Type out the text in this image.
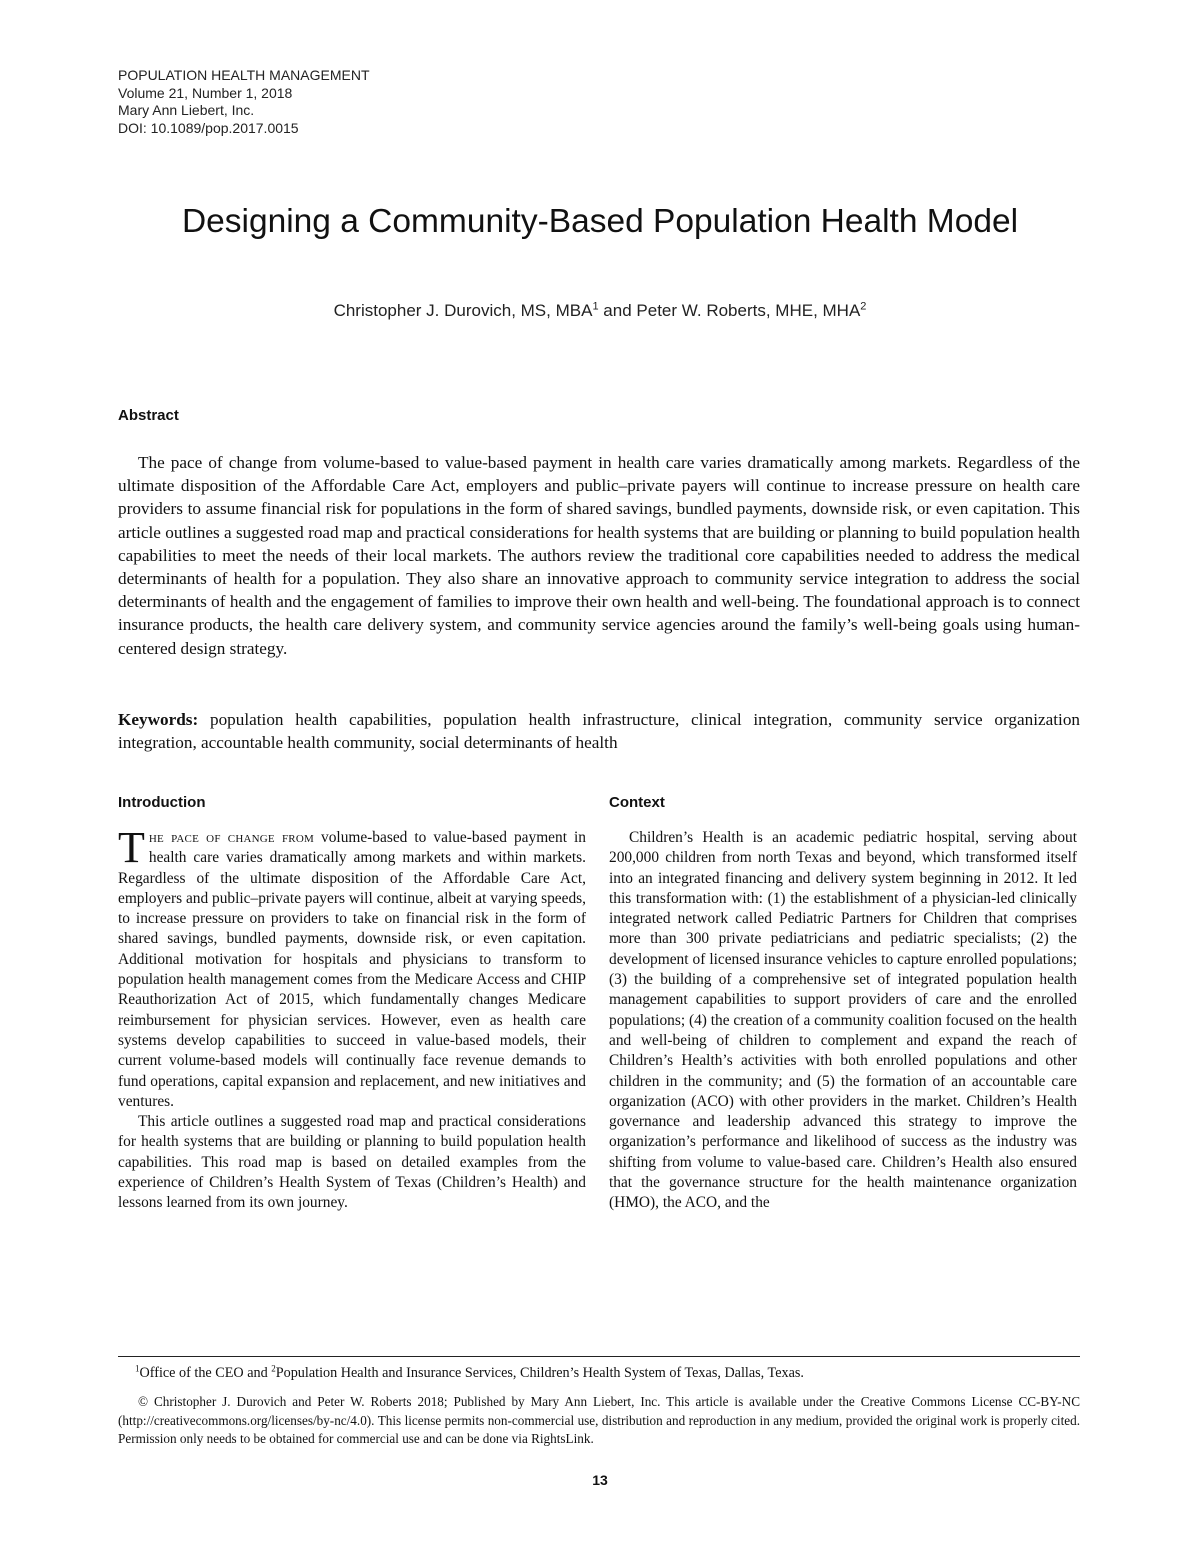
POPULATION HEALTH MANAGEMENT
Volume 21, Number 1, 2018
Mary Ann Liebert, Inc.
DOI: 10.1089/pop.2017.0015
Designing a Community-Based Population Health Model
Christopher J. Durovich, MS, MBA$^1$ and Peter W. Roberts, MHE, MHA$^2$
Abstract

The pace of change from volume-based to value-based payment in health care varies dramatically among markets. Regardless of the ultimate disposition of the Affordable Care Act, employers and public–private payers will continue to increase pressure on health care providers to assume financial risk for populations in the form of shared savings, bundled payments, downside risk, or even capitation. This article outlines a suggested road map and practical considerations for health systems that are building or planning to build population health capabilities to meet the needs of their local markets. The authors review the traditional core capabilities needed to address the medical determinants of health for a population. They also share an innovative approach to community service integration to address the social determinants of health and the engagement of families to improve their own health and well-being. The foundational approach is to connect insurance products, the health care delivery system, and community service agencies around the family’s well-being goals using human-centered design strategy.

Keywords: population health capabilities, population health infrastructure, clinical integration, community service organization integration, accountable health community, social determinants of health

Introduction

The pace of change from volume-based to value-based payment in health care varies dramatically among markets and within markets. Regardless of the ultimate disposition of the Affordable Care Act, employers and public–private payers will continue, albeit at varying speeds, to increase pressure on providers to take on financial risk in the form of shared savings, bundled payments, downside risk, or even capitation. Additional motivation for hospitals and physicians to transform to population health management comes from the Medicare Access and CHIP Reauthorization Act of 2015, which fundamentally changes Medicare reimbursement for physician services. However, even as health care systems develop capabilities to succeed in value-based models, their current volume-based models will continually face revenue demands to fund operations, capital expansion and replacement, and new initiatives and ventures.

This article outlines a suggested road map and practical considerations for health systems that are building or planning to build population health capabilities. This road map is based on detailed examples from the experience of Children’s Health System of Texas (Children’s Health) and lessons learned from its own journey.

Context

Children’s Health is an academic pediatric hospital, serving about 200,000 children from north Texas and beyond, which transformed itself into an integrated financing and delivery system beginning in 2012. It led this transformation with: (1) the establishment of a physician-led clinically integrated network called Pediatric Partners for Children that comprises more than 300 private pediatricians and pediatric specialists; (2) the development of licensed insurance vehicles to capture enrolled populations; (3) the building of a comprehensive set of integrated population health management capabilities to support providers of care and the enrolled populations; (4) the creation of a community coalition focused on the health and well-being of children to complement and expand the reach of Children’s Health’s activities with both enrolled populations and other children in the community; and (5) the formation of an accountable care organization (ACO) with other providers in the market. Children’s Health governance and leadership advanced this strategy to improve the organization’s performance and likelihood of success as the industry was shifting from volume to value-based care. Children’s Health also ensured that the governance structure for the health maintenance organization (HMO), the ACO, and the

$^1$Office of the CEO and $^2$Population Health and Insurance Services, Children’s Health System of Texas, Dallas, Texas.

© Christopher J. Durovich and Peter W. Roberts 2018; Published by Mary Ann Liebert, Inc. This article is available under the Creative Commons License CC-BY-NC (http://creativecommons.org/licenses/by-nc/4.0). This license permits non-commercial use, distribution and reproduction in any medium, provided the original work is properly cited. Permission only needs to be obtained for commercial use and can be done via RightsLink.

13
